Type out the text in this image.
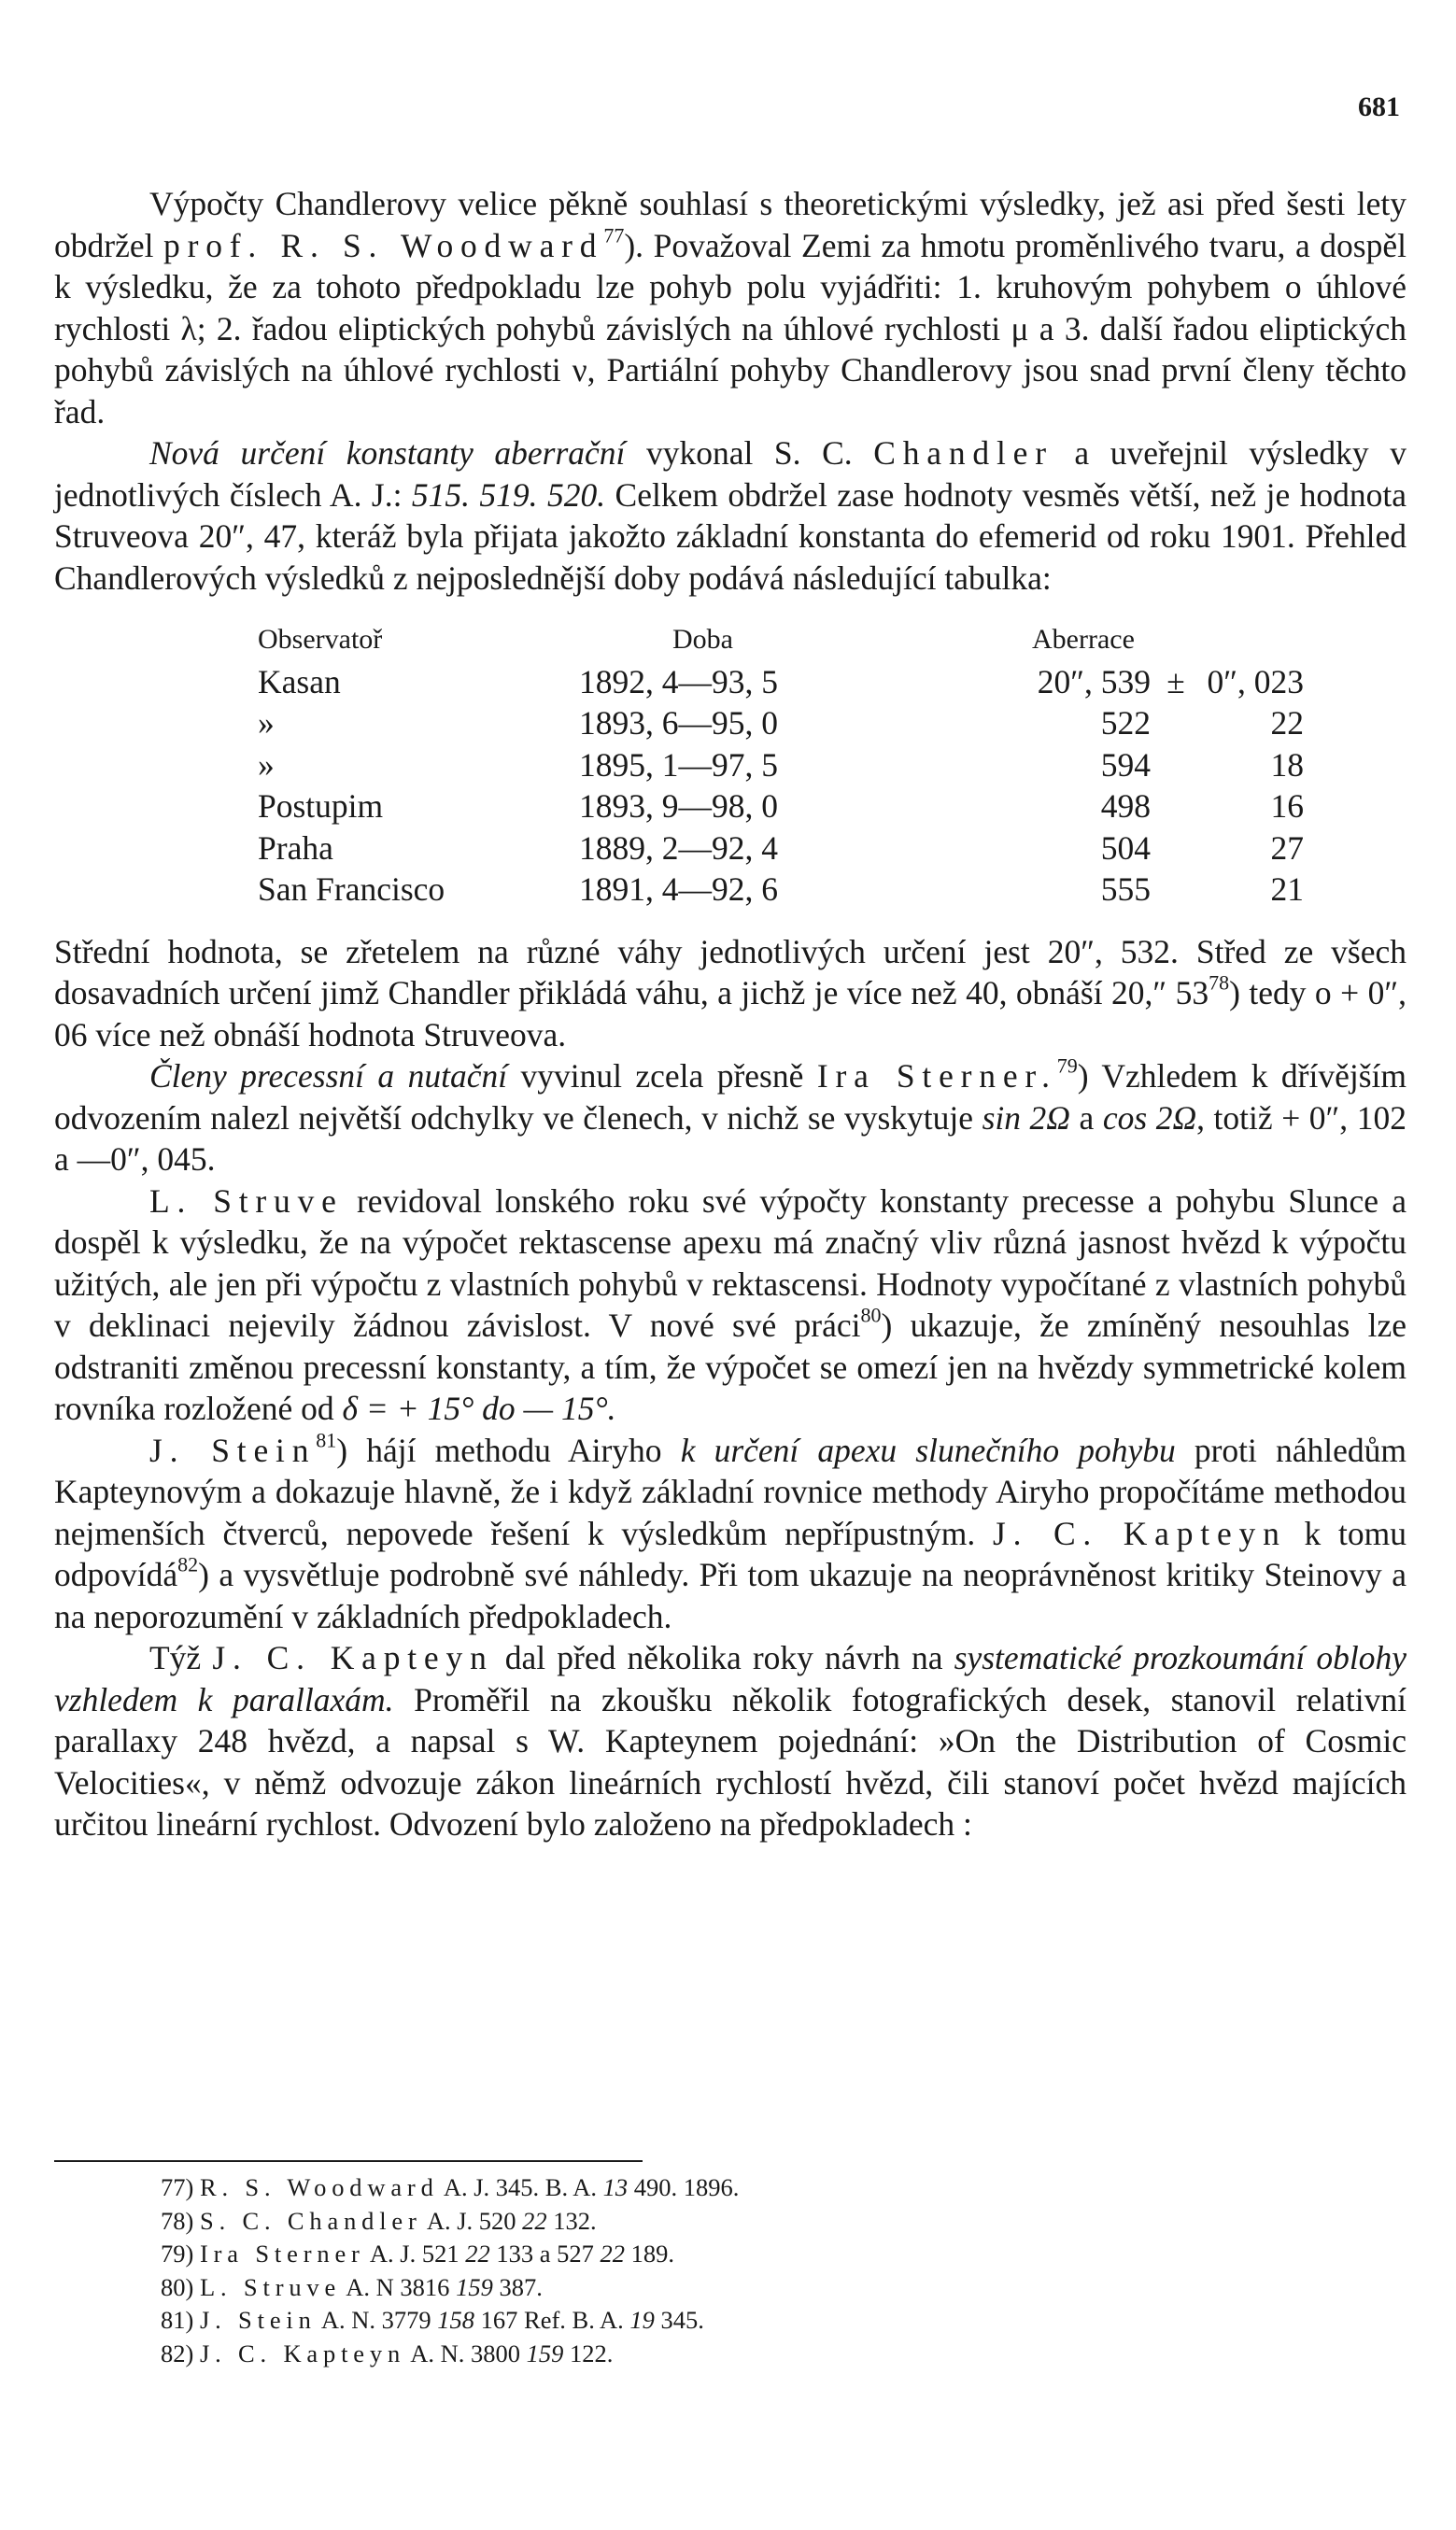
681

Výpočty Chandlerovy velice pěkně souhlasí s theoretickými výsledky, jež asi před šesti lety obdržel prof. R. S. Woodward$^{77}$). Považoval Zemi za hmotu proměnlivého tvaru, a dospěl k výsledku, že za tohoto předpokladu lze pohyb polu vyjádřiti: 1. kruhovým pohybem o úhlové rychlosti λ; 2. řadou eliptických pohybů závislých na úhlové rychlosti μ a 3. další řadou eliptických pohybů závislých na úhlové rychlosti ν, Partiální pohyby Chandlerovy jsou snad první členy těchto řad.

Nová určení konstanty aberrační vykonal S. C. Chandler a uveřejnil výsledky v jednotlivých číslech A. J.: 515. 519. 520. Celkem obdržel zase hodnoty vesměs větší, než je hodnota Struveova 20″, 47, kteráž byla přijata jakožto základní konstanta do efemerid od roku 1901. Přehled Chandlerových výsledků z nejposlednější doby podává následující tabulka:

Observatoř	Doba	Aberrace		
Kasan	1892, 4—93, 5	20″, 539	±	0″, 023
»	1893, 6—95, 0	522		22
»	1895, 1—97, 5	594		18
Postupim	1893, 9—98, 0	498		16
Praha	1889, 2—92, 4	504		27
San Francisco	1891, 4—92, 6	555		21

Střední hodnota, se zřetelem na různé váhy jednotlivých určení jest 20″, 532. Střed ze všech dosavadních určení jimž Chandler přikládá váhu, a jichž je více než 40, obnáší 20,″ $53^{78}$) tedy o + 0″, 06 více než obnáší hodnota Struveova.

Členy precessní a nutační vyvinul zcela přesně Ira Sterner.$^{79}$) Vzhledem k dřívějším odvozením nalezl největší odchylky ve členech, v nichž se vyskytuje sin 2Ω a cos 2Ω, totiž + 0″, 102 a —0″, 045.

L. Struve revidoval lonského roku své výpočty konstanty precesse a pohybu Slunce a dospěl k výsledku, že na výpočet rektascense apexu má značný vliv různá jasnost hvězd k výpočtu užitých, ale jen při výpočtu z vlastních pohybů v rektascensi. Hodnoty vypočítané z vlastních pohybů v deklinaci nejevily žádnou závislost. V nové své práci$^{80}$) ukazuje, že zmíněný nesouhlas lze odstraniti změnou precessní konstanty, a tím, že výpočet se omezí jen na hvězdy symmetrické kolem rovníka rozložené od δ = + 15° do — 15°.

J. Stein$^{81}$) hájí methodu Airyho k určení apexu slunečního pohybu proti náhledům Kapteynovým a dokazuje hlavně, že i když základní rovnice methody Airyho propočítáme methodou nejmenších čtverců, nepovede řešení k výsledkům nepřípustným. J. C. Kapteyn k tomu odpovídá$^{82}$) a vysvětluje podrobně své náhledy. Při tom ukazuje na neoprávněnost kritiky Steinovy a na neporozumění v základních předpokladech.

Týž J. C. Kapteyn dal před několika roky návrh na systematické prozkoumání oblohy vzhledem k parallaxám. Proměřil na zkoušku několik fotografických desek, stanovil relativní parallaxy 248 hvězd, a napsal s W. Kapteynem pojednání: »On the Distribution of Cosmic Velocities«, v němž odvozuje zákon lineárních rychlostí hvězd, čili stanoví počet hvězd majících určitou lineární rychlost. Odvození bylo založeno na předpokladech :

77) R. S. Woodward A. J. 345. B. A. 13 490. 1896.
78) S. C. Chandler A. J. 520 22 132.
79) Ira Sterner A. J. 521 22 133 a 527 22 189.
80) L. Struve A. N 3816 159 387.
81) J. Stein A. N. 3779 158 167 Ref. B. A. 19 345.
82) J. C. Kapteyn A. N. 3800 159 122.
